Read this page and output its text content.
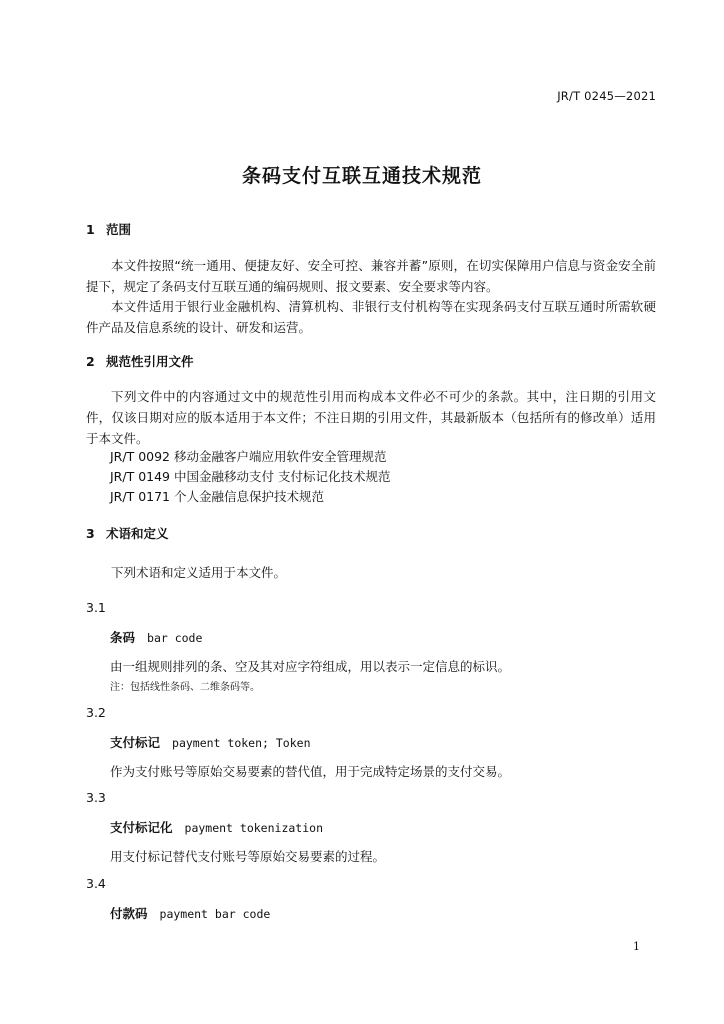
JR/T 0245—2021
条码支付互联互通技术规范
1 范围
本文件按照“统一通用、便捷友好、安全可控、兼容并蓄”原则，在切实保障用户信息与资金安全前提下，规定了条码支付互联互通的编码规则、报文要素、安全要求等内容。
本文件适用于银行业金融机构、清算机构、非银行支付机构等在实现条码支付互联互通时所需软硬件产品及信息系统的设计、研发和运营。
2 规范性引用文件
下列文件中的内容通过文中的规范性引用而构成本文件必不可少的条款。其中，注日期的引用文件，仅该日期对应的版本适用于本文件；不注日期的引用文件，其最新版本（包括所有的修改单）适用于本文件。
JR/T 0092 移动金融客户端应用软件安全管理规范
JR/T 0149 中国金融移动支付 支付标记化技术规范
JR/T 0171 个人金融信息保护技术规范
3 术语和定义
下列术语和定义适用于本文件。
3.1
条码 bar code
由一组规则排列的条、空及其对应字符组成，用以表示一定信息的标识。
注：包括线性条码、二维条码等。
3.2
支付标记 payment token; Token
作为支付账号等原始交易要素的替代值，用于完成特定场景的支付交易。
3.3
支付标记化 payment tokenization
用支付标记替代支付账号等原始交易要素的过程。
3.4
付款码 payment bar code
1
